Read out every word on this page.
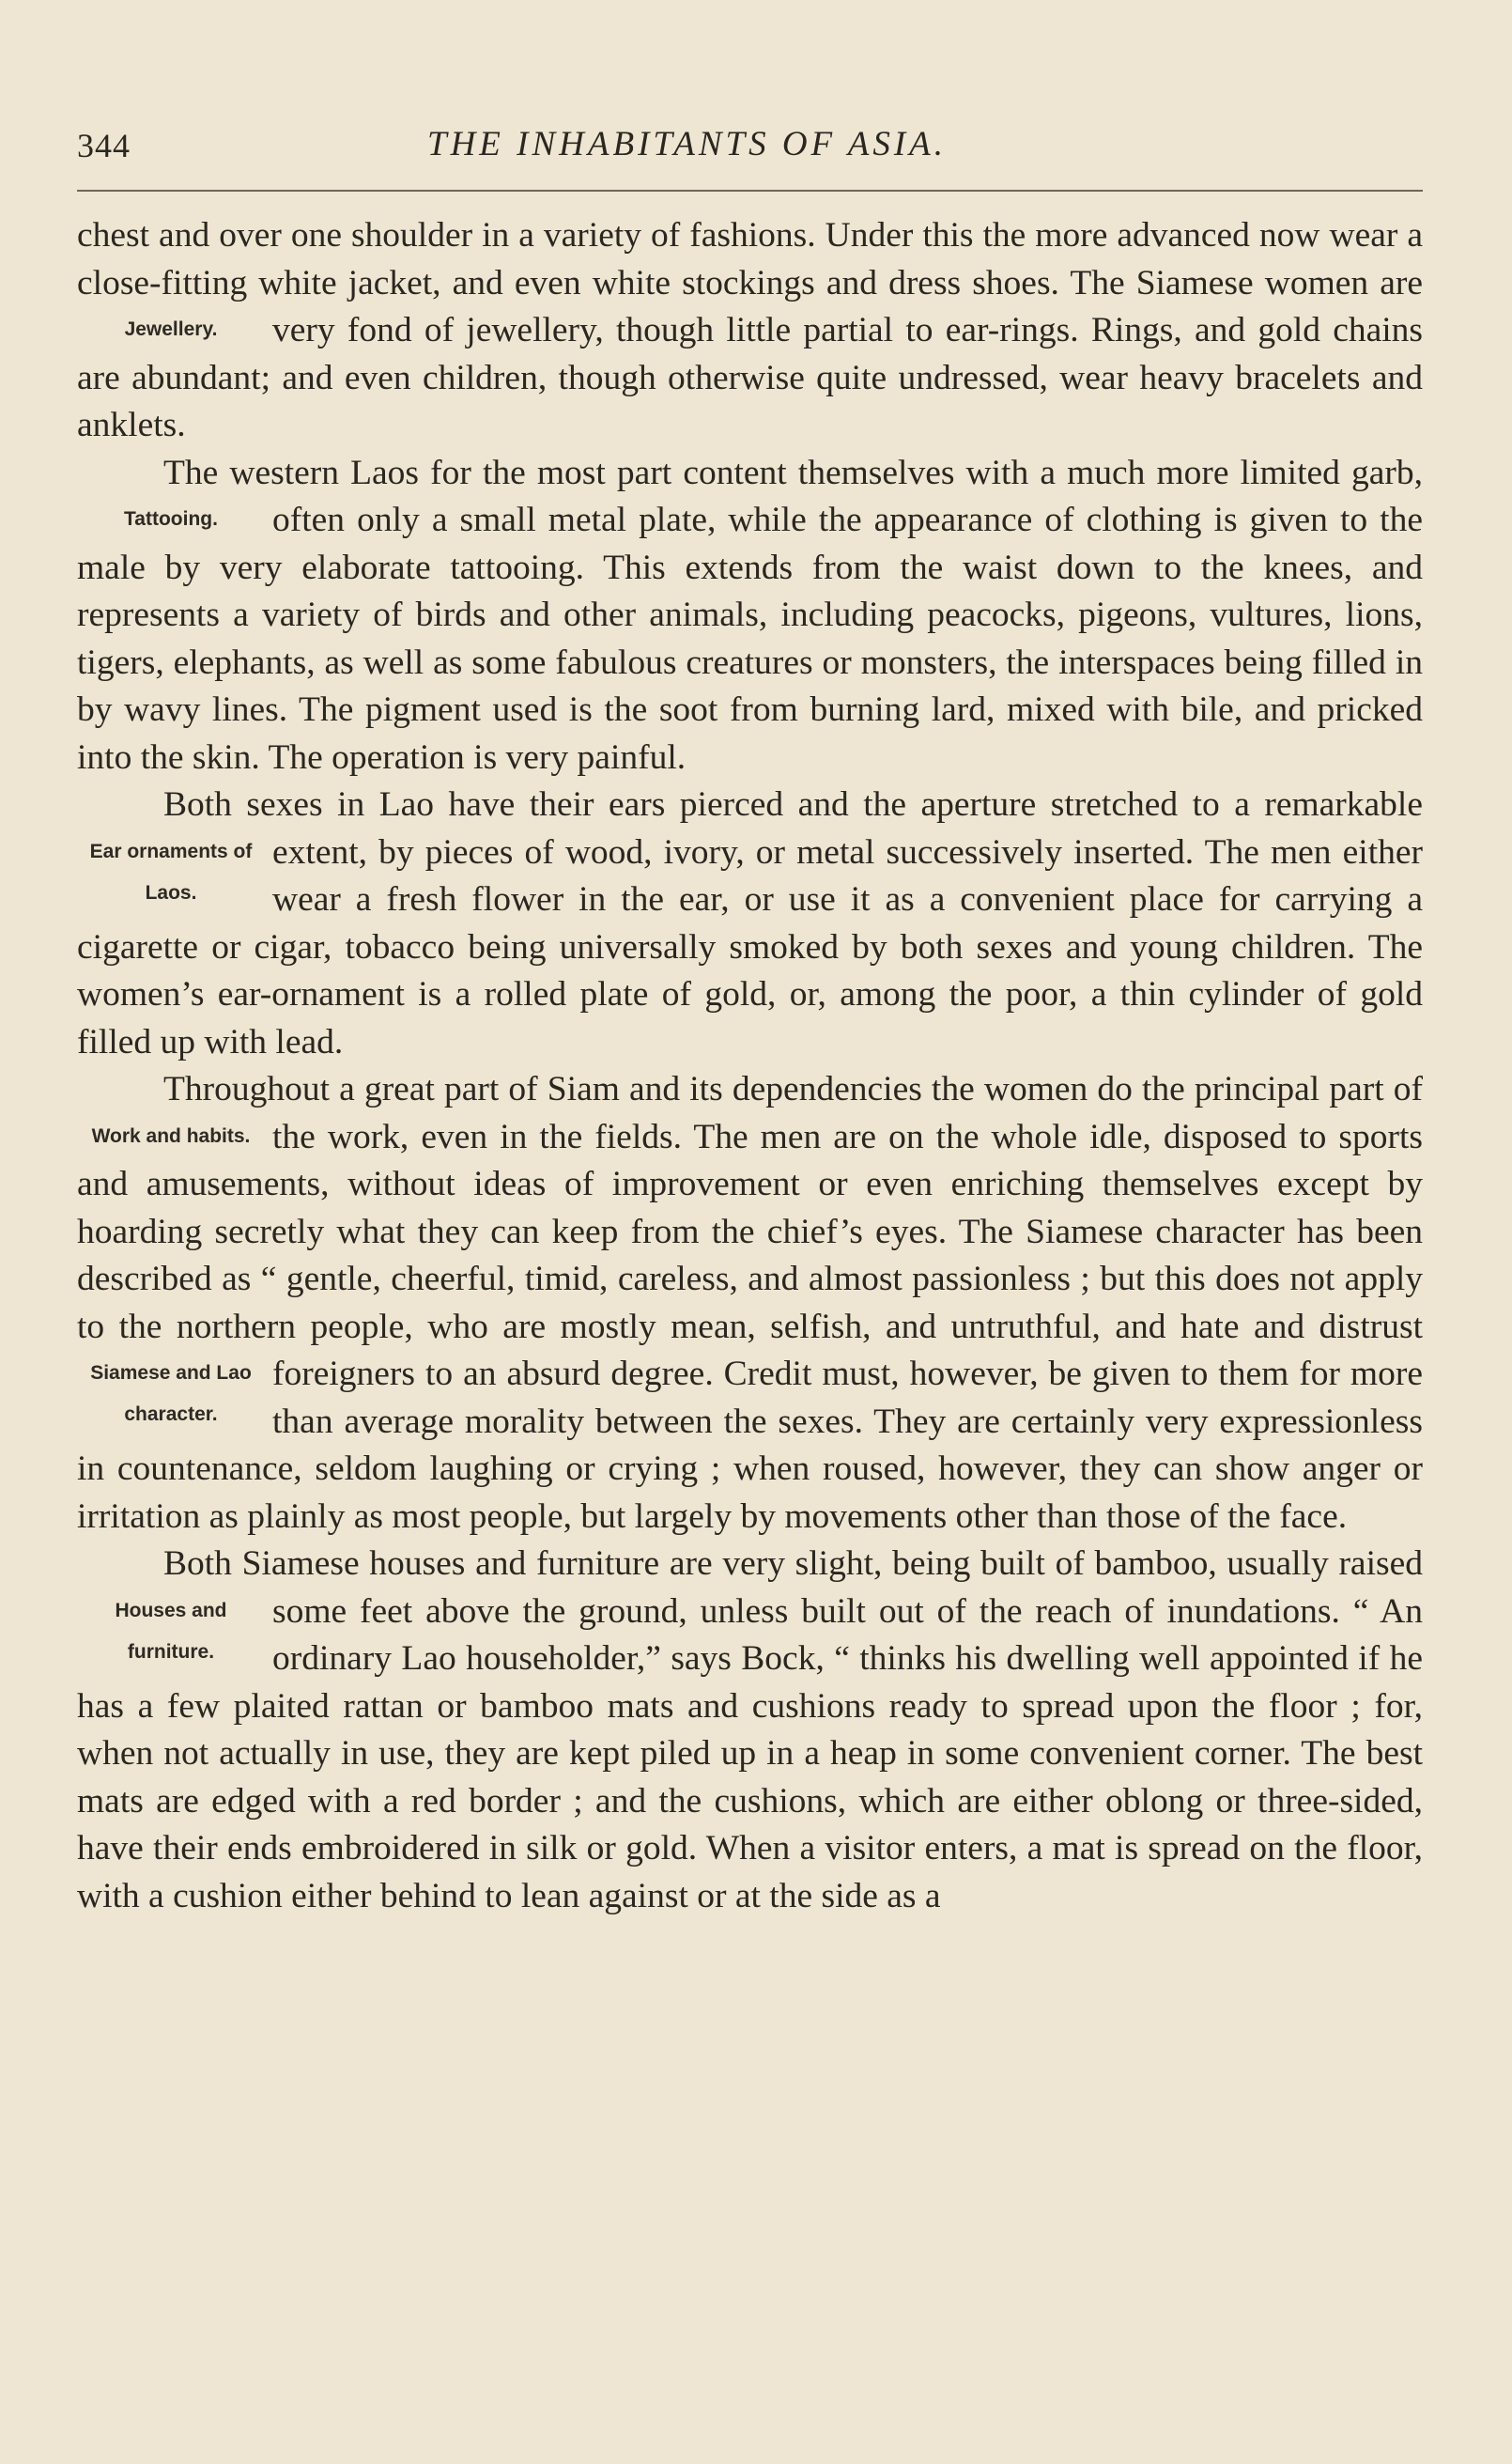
344	THE INHABITANTS OF ASIA.

chest and over one shoulder in a variety of fashions. Under this the more advanced now wear a close-fitting white jacket, and even white stockings and dress shoes. The Siamese women are very fond of jewellery,
Jewellery.	though little partial to ear-rings. Rings, and gold chains are abundant; and even children, though otherwise quite undressed, wear heavy bracelets and anklets.

The western Laos for the most part content themselves with a much more limited garb, often only a small metal plate, while the appearance
Tattooing.	of clothing is given to the male by very elaborate tattooing. This extends from the waist down to the knees, and represents a variety of birds and other animals, including peacocks, pigeons, vultures, lions, tigers, elephants, as well as some fabulous creatures or monsters, the interspaces being filled in by wavy lines. The pigment used is the soot from burning lard, mixed with bile, and pricked into the skin. The operation is very painful.

Both sexes in Lao have their ears pierced and the aperture stretched to a remarkable extent, by pieces of wood, ivory, or metal successively
Ear ornaments of Laos.
inserted. The men either wear a fresh flower in the ear, or use it as a convenient place for carrying a cigarette or cigar, tobacco being universally smoked by both sexes and young children. The women’s ear-ornament is a rolled plate of gold, or, among the poor, a thin cylinder of gold filled up with lead.

Throughout a great part of Siam and its dependencies the women do the principal part of the work, even in the fields. The men are on the
Work and habits.	whole idle, disposed to sports and amusements, without ideas of improvement or even enriching themselves except by hoarding secretly what they can keep from the chief’s eyes. The Siamese character has been described as “ gentle, cheerful, timid, careless, and almost passionless ; but this does not apply to the northern people, who are mostly mean, selfish, and untruthful, and hate and distrust foreigners to an absurd degree. Credit must, however, be given to them for more
Siamese and Lao character.	than average morality between the sexes. They are certainly very expressionless in countenance, seldom laughing or crying ; when roused, however, they can show anger or irritation as plainly as most people, but largely by movements other than those of the face.

Both Siamese houses and furniture are very slight, being built of bamboo, usually raised some feet above the ground, unless built out of
Houses and furniture.
the reach of inundations. “ An ordinary Lao householder,” says Bock, “ thinks his dwelling well appointed if he has a few plaited rattan or bamboo mats and cushions ready to spread upon the floor ; for, when not actually in use, they are kept piled up in a heap in some convenient corner. The best mats are edged with a red border ; and the cushions, which are either oblong or three-sided, have their ends embroidered in silk or gold. When a visitor enters, a mat is spread on the floor, with a cushion either behind to lean against or at the side as a
